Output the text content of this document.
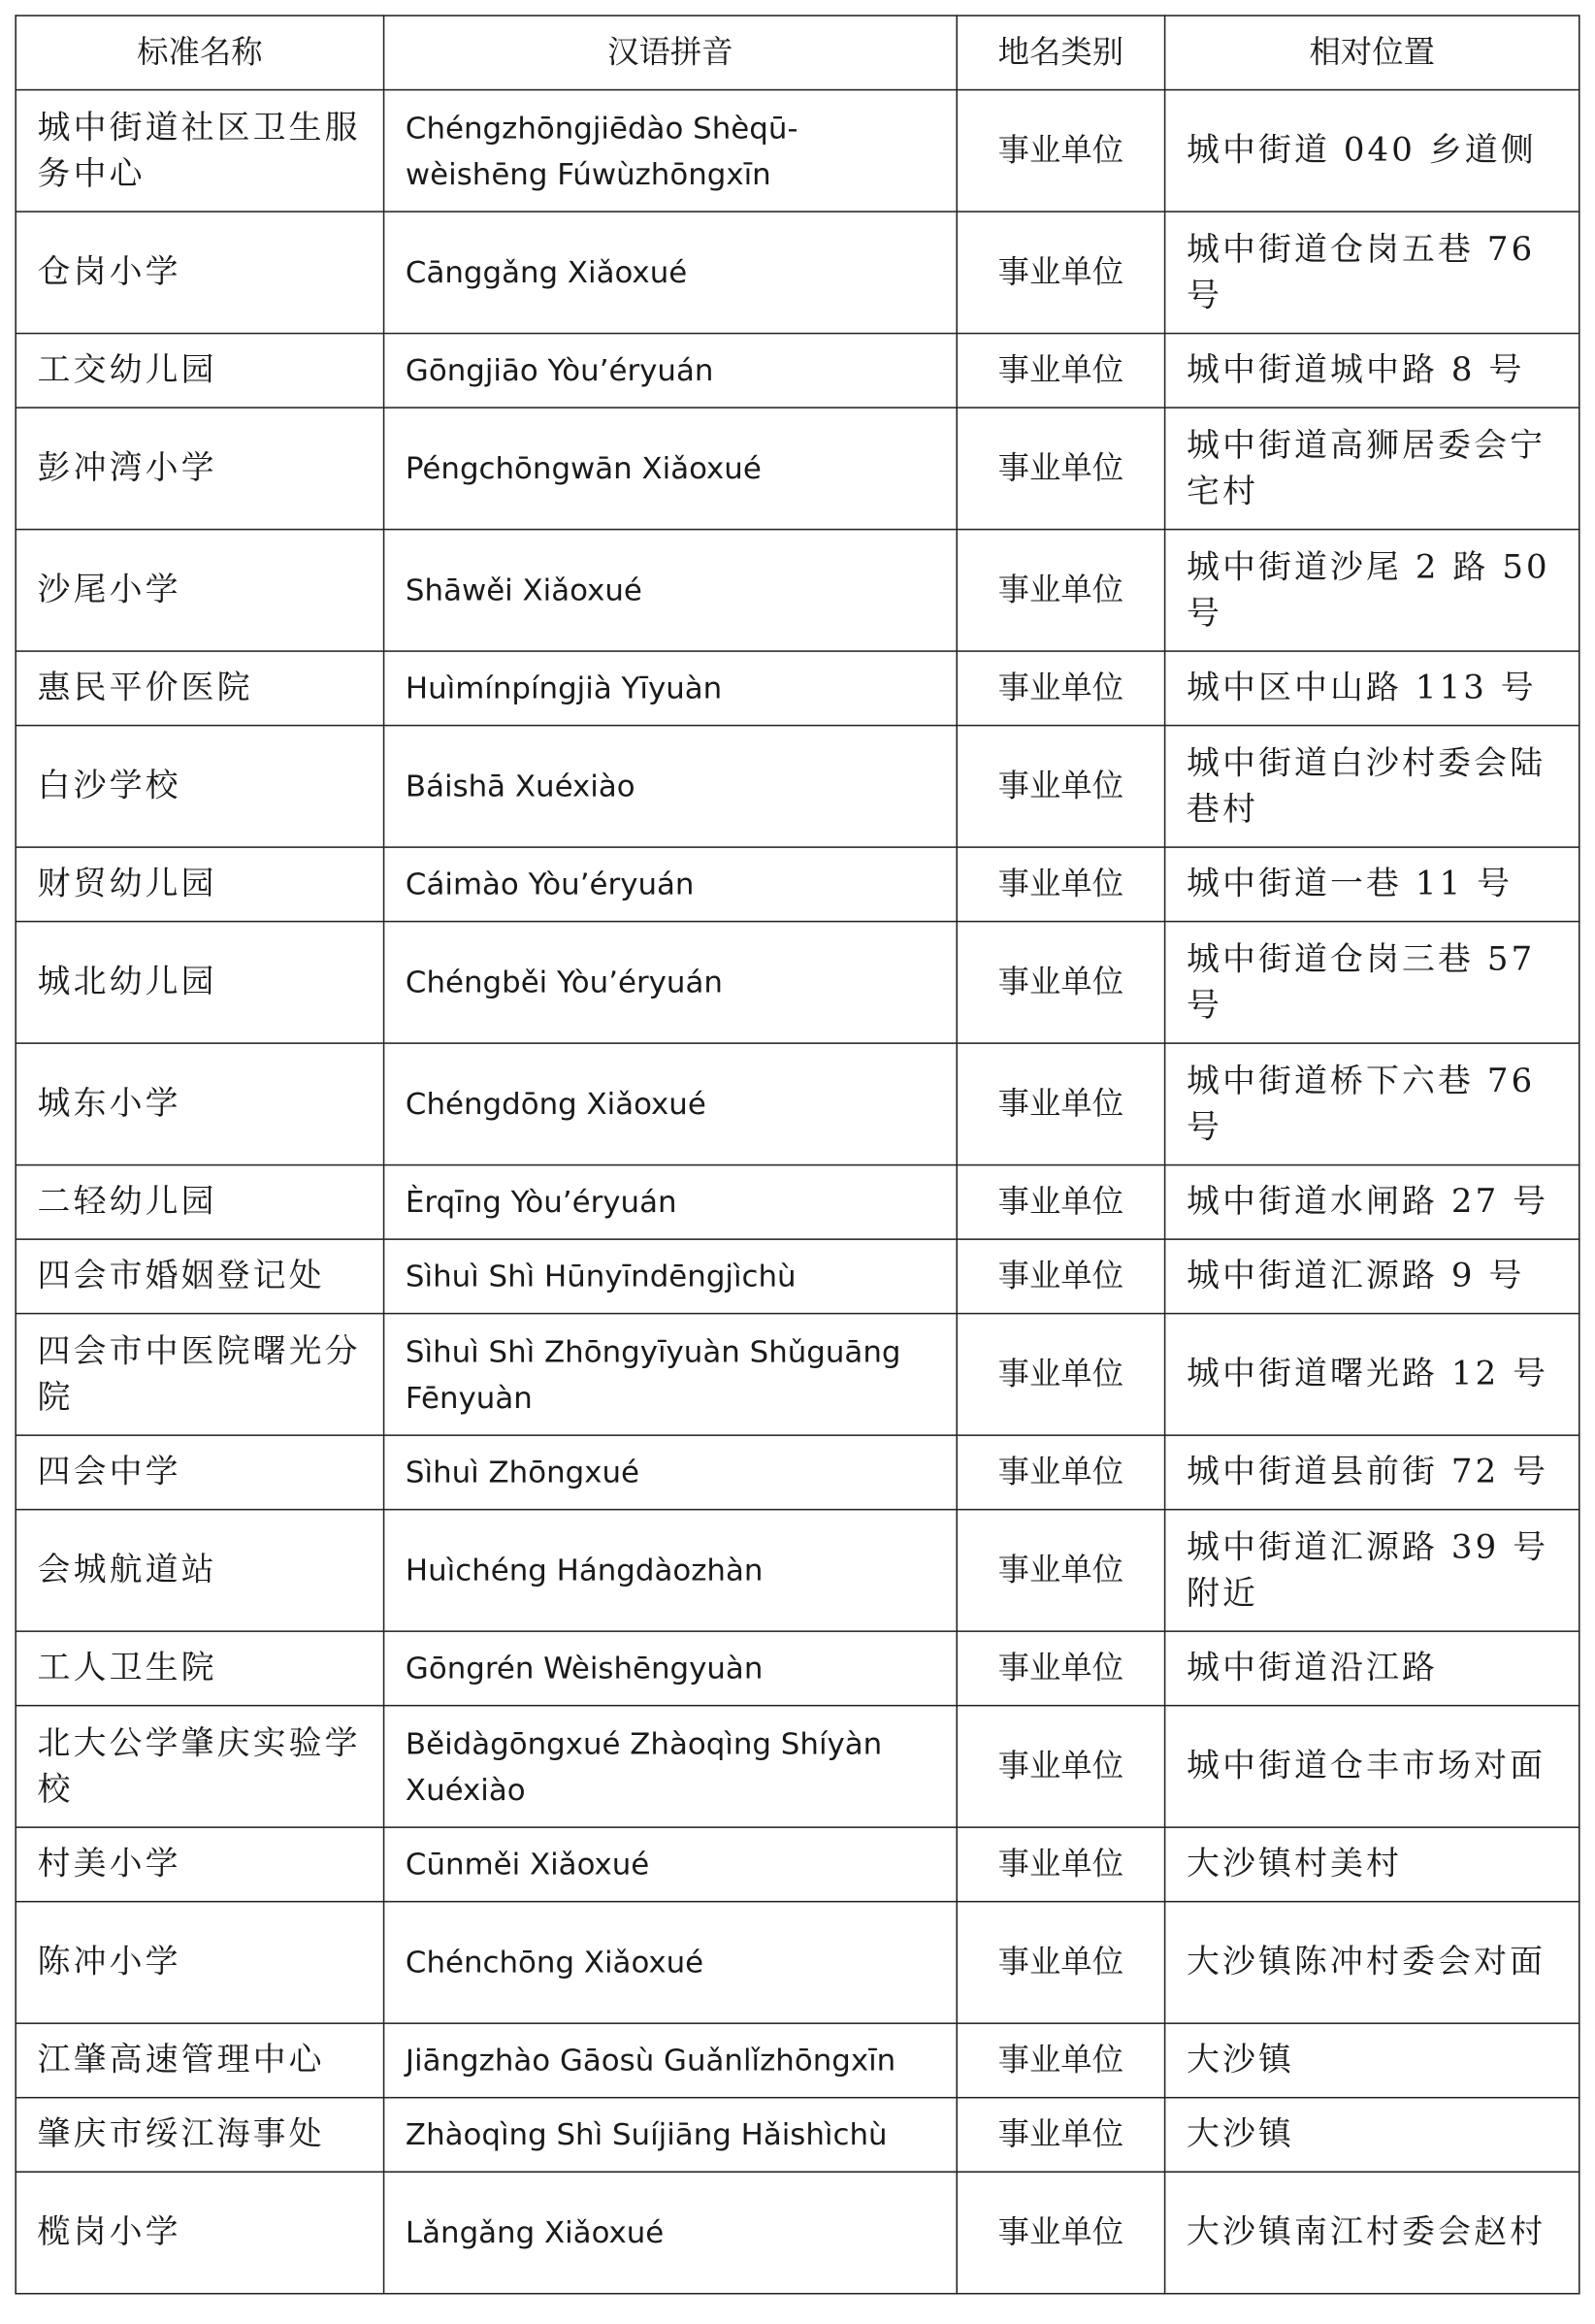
标准名称	汉语拼音	地名类别	相对位置
城中街道社区卫生服务中心	Chéngzhōngjiēdào Shèqū-wèishēng Fúwùzhōngxīn	事业单位	城中街道 040 乡道侧
仓岗小学	Cānggǎng Xiǎoxué	事业单位	城中街道仓岗五巷 76 号
工交幼儿园	Gōngjiāo Yòu’éryuán	事业单位	城中街道城中路 8 号
彭冲湾小学	Péngchōngwān Xiǎoxué	事业单位	城中街道高狮居委会宁宅村
沙尾小学	Shāwěi Xiǎoxué	事业单位	城中街道沙尾 2 路 50 号
惠民平价医院	Huìmínpíngjià Yīyuàn	事业单位	城中区中山路 113 号
白沙学校	Báishā Xuéxiào	事业单位	城中街道白沙村委会陆巷村
财贸幼儿园	Cáimào Yòu’éryuán	事业单位	城中街道一巷 11 号
城北幼儿园	Chéngběi Yòu’éryuán	事业单位	城中街道仓岗三巷 57 号
城东小学	Chéngdōng Xiǎoxué	事业单位	城中街道桥下六巷 76 号
二轻幼儿园	Èrqīng Yòu’éryuán	事业单位	城中街道水闸路 27 号
四会市婚姻登记处	Sìhuì Shì Hūnyīndēngjìchù	事业单位	城中街道汇源路 9 号
四会市中医院曙光分院	Sìhuì Shì Zhōngyīyuàn Shǔguāng Fēnyuàn	事业单位	城中街道曙光路 12 号
四会中学	Sìhuì Zhōngxué	事业单位	城中街道县前街 72 号
会城航道站	Huìchéng Hángdàozhàn	事业单位	城中街道汇源路 39 号附近
工人卫生院	Gōngrén Wèishēngyuàn	事业单位	城中街道沿江路
北大公学肇庆实验学校	Běidàgōngxué Zhàoqìng Shíyàn Xuéxiào	事业单位	城中街道仓丰市场对面
村美小学	Cūnměi Xiǎoxué	事业单位	大沙镇村美村
陈冲小学	Chénchōng Xiǎoxué	事业单位	大沙镇陈冲村委会对面
江肇高速管理中心	Jiāngzhào Gāosù Guǎnlǐzhōngxīn	事业单位	大沙镇
肇庆市绥江海事处	Zhàoqìng Shì Suíjiāng Hǎishìchù	事业单位	大沙镇
榄岗小学	Lǎngǎng Xiǎoxué	事业单位	大沙镇南江村委会赵村
